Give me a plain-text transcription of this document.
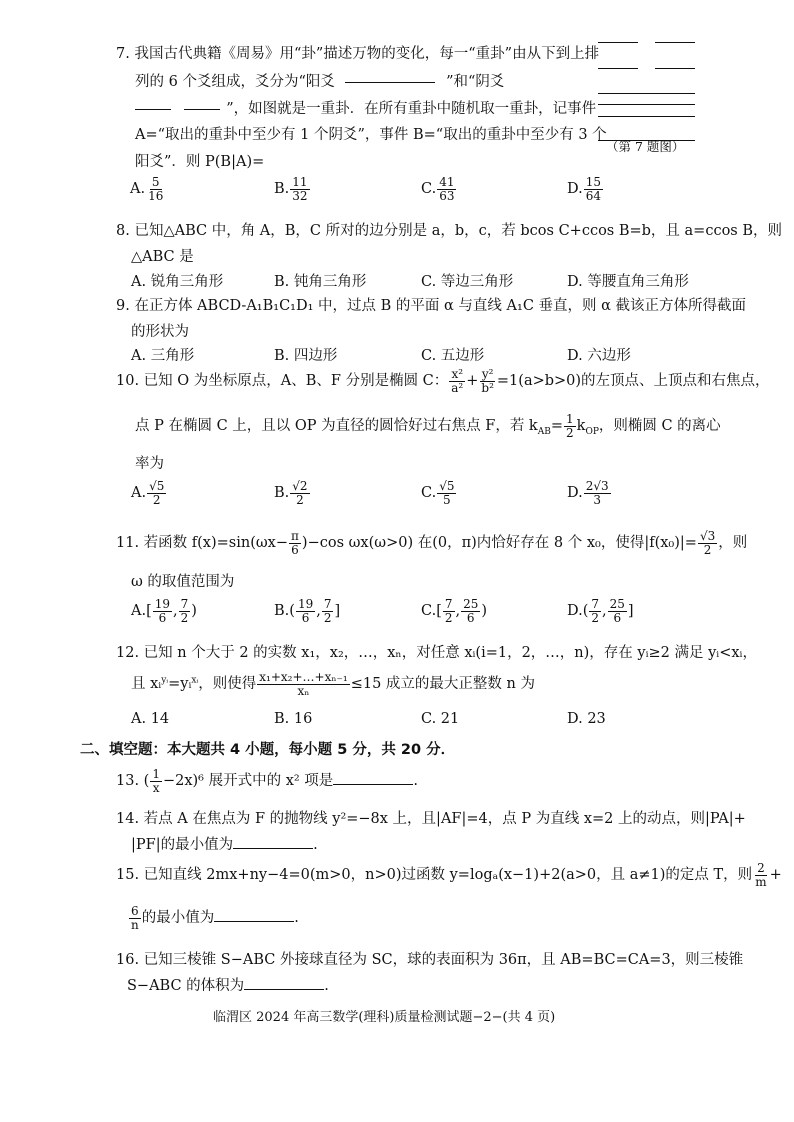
7. 我国古代典籍《周易》用“卦”描述万物的变化，每一“重卦”由从下到上排
列的 6 个爻组成，爻分为“阳爻	”和“阴爻
”，如图就是一重卦．在所有重卦中随机取一重卦，记事件
A=“取出的重卦中至少有 1 个阴爻”，事件 B=“取出的重卦中至少有 3 个
阳爻”．则 P(B|A)=
（第 7 题图）
A. $\frac{5}{16}$	B. $\frac{11}{32}$	C. $\frac{41}{63}$	D. $\frac{15}{64}$
8. 已知△ABC 中，角 A，B，C 所对的边分别是 a，b，c，若 bcos C+ccos B=b，且 a=ccos B，则
△ABC 是
A. 锐角三角形	B. 钝角三角形	C. 等边三角形	D. 等腰直角三角形
9. 在正方体 ABCD-A₁B₁C₁D₁ 中，过点 B 的平面 α 与直线 A₁C 垂直，则 α 截该正方体所得截面
的形状为
A. 三角形	B. 四边形	C. 五边形	D. 六边形
10. 已知 O 为坐标原点，A、B、F 分别是椭圆 C： $\frac{\text{x²}}{\text{a²}} + \frac{\text{y²}}{\text{b²}} =1(a>b>0)$的左顶点、上顶点和右焦点，
点 P 在椭圆 C 上，且以 OP 为直径的圆恰好过右焦点 F，若 $k_{AB}= \frac{1}{2} k_{OP}$，则椭圆 C 的离心
率为
A. $\frac{√5}{2}$	B. $\frac{√2}{2}$	C. $\frac{√5}{5}$	D. $\frac{2√3}{3}$
11. 若函数 $f(x)=\sin(\omega x- \frac{\pi}{6} )-\cos$ ωx(ω>0) 在(0，π)内恰好存在 8 个 x₀，使得$|f(x_0)|= \frac{√3}{2}$ ，则
ω 的取值范围为
$A.[ \frac{19}{6}$ , $\frac{7}{2}$ )	$B.( \frac{19}{6}$ , $\frac{7}{2}$ ]	$C.[ \frac{7}{2}$ , $\frac{25}{6}$ )	$D.( \frac{7}{2}$ , $\frac{25}{6}$ ]
12. 已知 n 个大于 2 的实数 x₁，x₂，…，xₙ，对任意 xᵢ(i=1，2，…，n)，存在 yᵢ≥2 满足 yᵢ<xᵢ，
且 xᵢ$^{yᵢ}$=yᵢ$^{xᵢ}$，则使得 $\frac{\text{x₁+x₂+…+xₙ₋₁}}{\text{xₙ}} \le 15$ 成立的最大正整数 n 为
A. 14	B. 16	C. 21	D. 23
二、填空题：本大题共 4 小题，每小题 5 分，共 20 分．
13. ( $\frac{1}{x} -2x)^6$ 展开式中的 x² 项是	.
14. 若点 A 在焦点为 F 的抛物线 y²=−8x 上，且|AF|=4，点 P 为直线 x=2 上的动点，则|PA|+
|PF|的最小值为	.
15. 已知直线 2mx+ny−4=0(m>0，n>0)过函数 y=logₐ(x−1)+2(a>0，且 a≠1)的定点 T，则 $\frac{2}{m}$ +
$\frac{6}{n}$ 的最小值为	.
16. 已知三棱锥 S−ABC 外接球直径为 SC，球的表面积为 36π，且 AB=BC=CA=3，则三棱锥
S−ABC 的体积为	.
临渭区 2024 年高三数学(理科)质量检测试题−2−(共 4 页)
